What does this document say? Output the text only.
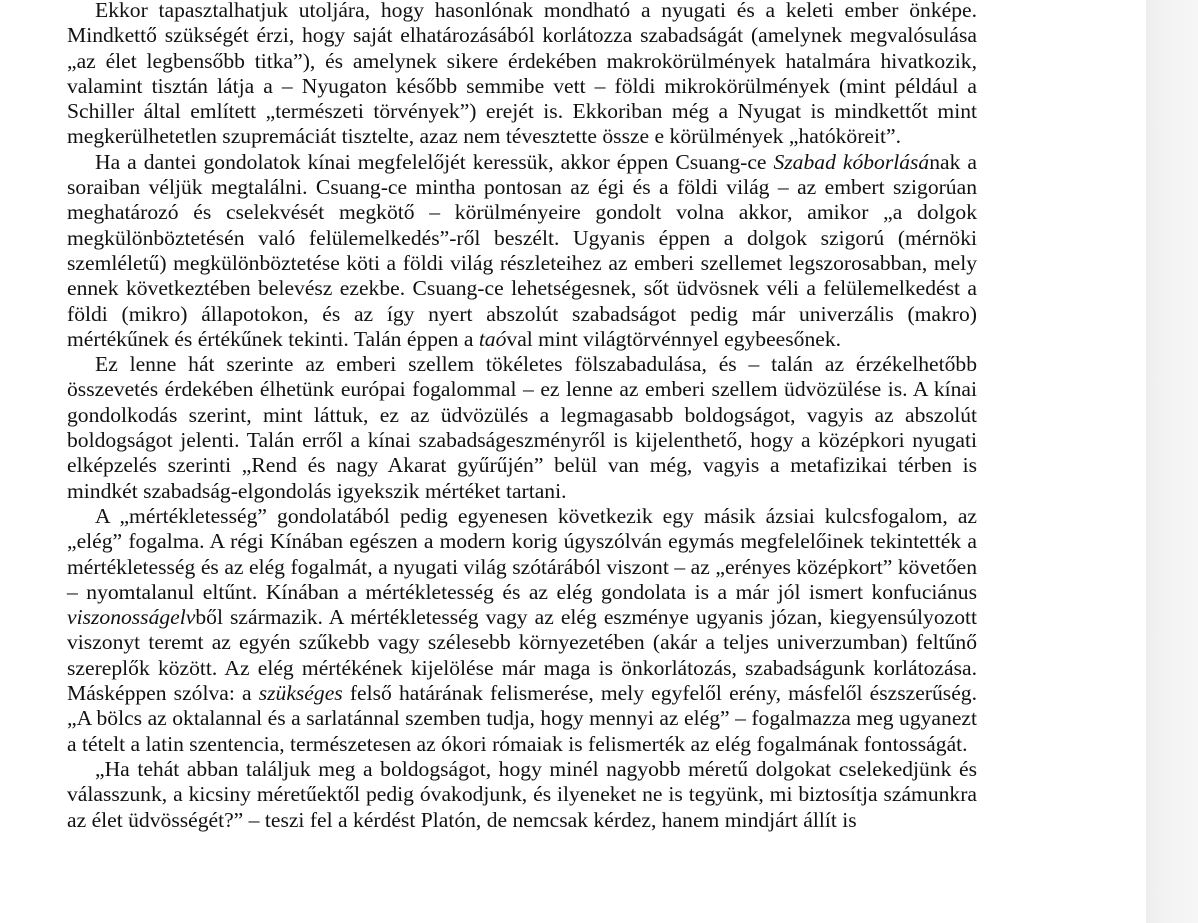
Ekkor tapasztalhatjuk utoljára, hogy hasonlónak mondható a nyugati és a keleti ember önképe. Mindkettő szükségét érzi, hogy saját elhatározásából korlátozza szabadságát (amelynek megvalósulása „az élet legbensőbb titka”), és amelynek sikere érdekében makrokörülmények hatalmára hivatkozik, valamint tisztán látja a – Nyugaton később semmibe vett – földi mikrokörülmények (mint például a Schiller által említett „természeti törvények”) erejét is. Ekkoriban még a Nyugat is mindkettőt mint megkerülhetetlen szupremáciát tisztelte, azaz nem tévesztette össze e körülmények „hatóköreit”.

Ha a dantei gondolatok kínai megfelelőjét keressük, akkor éppen Csuang-ce Szabad kóborlásának a soraiban véljük megtalálni. Csuang-ce mintha pontosan az égi és a földi világ – az embert szigorúan meghatározó és cselekvését megkötő – körülményeire gondolt volna akkor, amikor „a dolgok megkülönböztetésén való felülemelkedés”-ről beszélt. Ugyanis éppen a dolgok szigorú (mérnöki szemléletű) megkülönböztetése köti a földi világ részleteihez az emberi szellemet legszorosabban, mely ennek következtében belevész ezekbe. Csuang-ce lehetségesnek, sőt üdvösnek véli a felülemelkedést a földi (mikro) állapotokon, és az így nyert abszolút szabadságot pedig már univerzális (makro) mértékűnek és értékűnek tekinti. Talán éppen a taóval mint világtörvénnyel egybeesőnek.

Ez lenne hát szerinte az emberi szellem tökéletes fölszabadulása, és – talán az érzékelhetőbb összevetés érdekében élhetünk európai fogalommal – ez lenne az emberi szellem üdvözülése is. A kínai gondolkodás szerint, mint láttuk, ez az üdvözülés a legmagasabb boldogságot, vagyis az abszolút boldogságot jelenti. Talán erről a kínai szabadságeszményről is kijelenthető, hogy a középkori nyugati elképzelés szerinti „Rend és nagy Akarat gyűrűjén” belül van még, vagyis a metafizikai térben is mindkét szabadság-elgondolás igyekszik mértéket tartani.

A „mértékletesség” gondolatából pedig egyenesen következik egy másik ázsiai kulcsfogalom, az „elég” fogalma. A régi Kínában egészen a modern korig úgyszólván egymás megfelelőinek tekintették a mértékletesség és az elég fogalmát, a nyugati világ szótárából viszont – az „erényes középkort” követően – nyomtalanul eltűnt. Kínában a mértékletesség és az elég gondolata is a már jól ismert konfuciánus viszonosságelvből származik. A mértékletesség vagy az elég eszménye ugyanis józan, kiegyensúlyozott viszonyt teremt az egyén szűkebb vagy szélesebb környezetében (akár a teljes univerzumban) feltűnő szereplők között. Az elég mértékének kijelölése már maga is önkorlátozás, szabadságunk korlátozása. Másképpen szólva: a szükséges felső határának felismerése, mely egyfelől erény, másfelől észszerűség. „A bölcs az oktalannal és a sarlatánnal szemben tudja, hogy mennyi az elég” – fogalmazza meg ugyanezt a tételt a latin szentencia, természetesen az ókori rómaiak is felismerték az elég fogalmának fontosságát.

„Ha tehát abban találjuk meg a boldogságot, hogy minél nagyobb méretű dolgokat cselekedjünk és válasszunk, a kicsiny méretűektől pedig óvakodjunk, és ilyeneket ne is tegyünk, mi biztosítja számunkra az élet üdvösségét?” – teszi fel a kérdést Platón, de nemcsak kérdez, hanem mindjárt állít is
